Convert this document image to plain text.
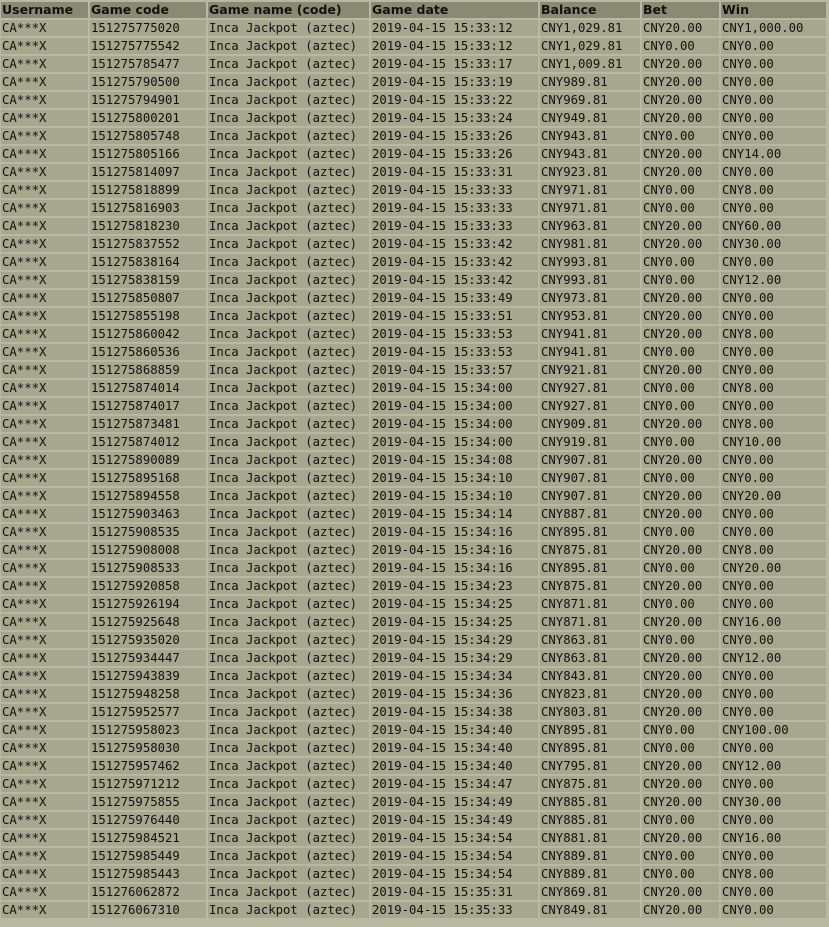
Username	Game code	Game name (code)	Game date	Balance	Bet	Win
CA***X	151275775020	Inca Jackpot (aztec)	2019-04-15 15:33:12	CNY1,029.81	CNY20.00	CNY1,000.00
CA***X	151275775542	Inca Jackpot (aztec)	2019-04-15 15:33:12	CNY1,029.81	CNY0.00	CNY0.00
CA***X	151275785477	Inca Jackpot (aztec)	2019-04-15 15:33:17	CNY1,009.81	CNY20.00	CNY0.00
CA***X	151275790500	Inca Jackpot (aztec)	2019-04-15 15:33:19	CNY989.81	CNY20.00	CNY0.00
CA***X	151275794901	Inca Jackpot (aztec)	2019-04-15 15:33:22	CNY969.81	CNY20.00	CNY0.00
CA***X	151275800201	Inca Jackpot (aztec)	2019-04-15 15:33:24	CNY949.81	CNY20.00	CNY0.00
CA***X	151275805748	Inca Jackpot (aztec)	2019-04-15 15:33:26	CNY943.81	CNY0.00	CNY0.00
CA***X	151275805166	Inca Jackpot (aztec)	2019-04-15 15:33:26	CNY943.81	CNY20.00	CNY14.00
CA***X	151275814097	Inca Jackpot (aztec)	2019-04-15 15:33:31	CNY923.81	CNY20.00	CNY0.00
CA***X	151275818899	Inca Jackpot (aztec)	2019-04-15 15:33:33	CNY971.81	CNY0.00	CNY8.00
CA***X	151275816903	Inca Jackpot (aztec)	2019-04-15 15:33:33	CNY971.81	CNY0.00	CNY0.00
CA***X	151275818230	Inca Jackpot (aztec)	2019-04-15 15:33:33	CNY963.81	CNY20.00	CNY60.00
CA***X	151275837552	Inca Jackpot (aztec)	2019-04-15 15:33:42	CNY981.81	CNY20.00	CNY30.00
CA***X	151275838164	Inca Jackpot (aztec)	2019-04-15 15:33:42	CNY993.81	CNY0.00	CNY0.00
CA***X	151275838159	Inca Jackpot (aztec)	2019-04-15 15:33:42	CNY993.81	CNY0.00	CNY12.00
CA***X	151275850807	Inca Jackpot (aztec)	2019-04-15 15:33:49	CNY973.81	CNY20.00	CNY0.00
CA***X	151275855198	Inca Jackpot (aztec)	2019-04-15 15:33:51	CNY953.81	CNY20.00	CNY0.00
CA***X	151275860042	Inca Jackpot (aztec)	2019-04-15 15:33:53	CNY941.81	CNY20.00	CNY8.00
CA***X	151275860536	Inca Jackpot (aztec)	2019-04-15 15:33:53	CNY941.81	CNY0.00	CNY0.00
CA***X	151275868859	Inca Jackpot (aztec)	2019-04-15 15:33:57	CNY921.81	CNY20.00	CNY0.00
CA***X	151275874014	Inca Jackpot (aztec)	2019-04-15 15:34:00	CNY927.81	CNY0.00	CNY8.00
CA***X	151275874017	Inca Jackpot (aztec)	2019-04-15 15:34:00	CNY927.81	CNY0.00	CNY0.00
CA***X	151275873481	Inca Jackpot (aztec)	2019-04-15 15:34:00	CNY909.81	CNY20.00	CNY8.00
CA***X	151275874012	Inca Jackpot (aztec)	2019-04-15 15:34:00	CNY919.81	CNY0.00	CNY10.00
CA***X	151275890089	Inca Jackpot (aztec)	2019-04-15 15:34:08	CNY907.81	CNY20.00	CNY0.00
CA***X	151275895168	Inca Jackpot (aztec)	2019-04-15 15:34:10	CNY907.81	CNY0.00	CNY0.00
CA***X	151275894558	Inca Jackpot (aztec)	2019-04-15 15:34:10	CNY907.81	CNY20.00	CNY20.00
CA***X	151275903463	Inca Jackpot (aztec)	2019-04-15 15:34:14	CNY887.81	CNY20.00	CNY0.00
CA***X	151275908535	Inca Jackpot (aztec)	2019-04-15 15:34:16	CNY895.81	CNY0.00	CNY0.00
CA***X	151275908008	Inca Jackpot (aztec)	2019-04-15 15:34:16	CNY875.81	CNY20.00	CNY8.00
CA***X	151275908533	Inca Jackpot (aztec)	2019-04-15 15:34:16	CNY895.81	CNY0.00	CNY20.00
CA***X	151275920858	Inca Jackpot (aztec)	2019-04-15 15:34:23	CNY875.81	CNY20.00	CNY0.00
CA***X	151275926194	Inca Jackpot (aztec)	2019-04-15 15:34:25	CNY871.81	CNY0.00	CNY0.00
CA***X	151275925648	Inca Jackpot (aztec)	2019-04-15 15:34:25	CNY871.81	CNY20.00	CNY16.00
CA***X	151275935020	Inca Jackpot (aztec)	2019-04-15 15:34:29	CNY863.81	CNY0.00	CNY0.00
CA***X	151275934447	Inca Jackpot (aztec)	2019-04-15 15:34:29	CNY863.81	CNY20.00	CNY12.00
CA***X	151275943839	Inca Jackpot (aztec)	2019-04-15 15:34:34	CNY843.81	CNY20.00	CNY0.00
CA***X	151275948258	Inca Jackpot (aztec)	2019-04-15 15:34:36	CNY823.81	CNY20.00	CNY0.00
CA***X	151275952577	Inca Jackpot (aztec)	2019-04-15 15:34:38	CNY803.81	CNY20.00	CNY0.00
CA***X	151275958023	Inca Jackpot (aztec)	2019-04-15 15:34:40	CNY895.81	CNY0.00	CNY100.00
CA***X	151275958030	Inca Jackpot (aztec)	2019-04-15 15:34:40	CNY895.81	CNY0.00	CNY0.00
CA***X	151275957462	Inca Jackpot (aztec)	2019-04-15 15:34:40	CNY795.81	CNY20.00	CNY12.00
CA***X	151275971212	Inca Jackpot (aztec)	2019-04-15 15:34:47	CNY875.81	CNY20.00	CNY0.00
CA***X	151275975855	Inca Jackpot (aztec)	2019-04-15 15:34:49	CNY885.81	CNY20.00	CNY30.00
CA***X	151275976440	Inca Jackpot (aztec)	2019-04-15 15:34:49	CNY885.81	CNY0.00	CNY0.00
CA***X	151275984521	Inca Jackpot (aztec)	2019-04-15 15:34:54	CNY881.81	CNY20.00	CNY16.00
CA***X	151275985449	Inca Jackpot (aztec)	2019-04-15 15:34:54	CNY889.81	CNY0.00	CNY0.00
CA***X	151275985443	Inca Jackpot (aztec)	2019-04-15 15:34:54	CNY889.81	CNY0.00	CNY8.00
CA***X	151276062872	Inca Jackpot (aztec)	2019-04-15 15:35:31	CNY869.81	CNY20.00	CNY0.00
CA***X	151276067310	Inca Jackpot (aztec)	2019-04-15 15:35:33	CNY849.81	CNY20.00	CNY0.00
